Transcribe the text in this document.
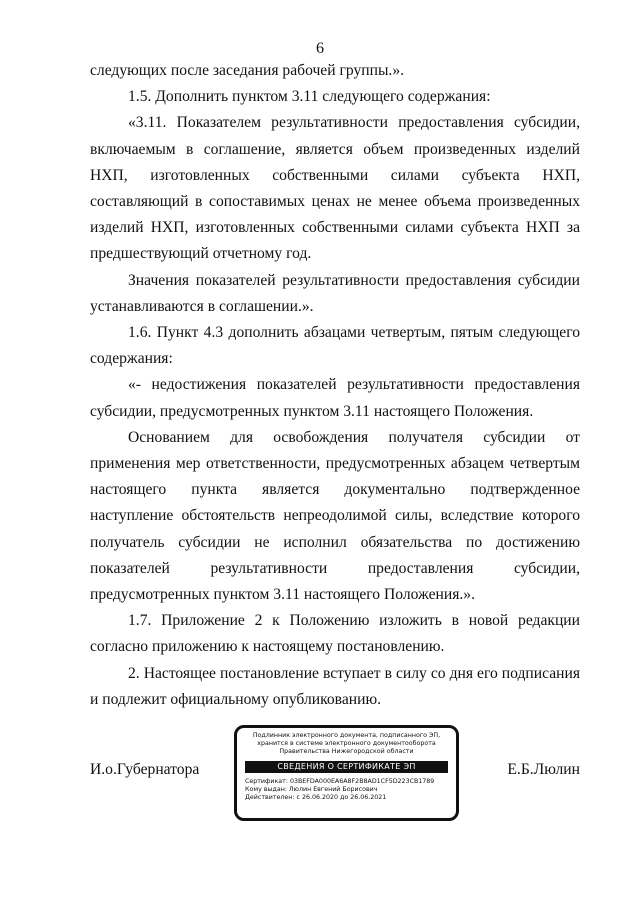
6

следующих после заседания рабочей группы.».

1.5. Дополнить пунктом 3.11 следующего содержания:

«3.11. Показателем результативности предоставления субсидии, включаемым в соглашение, является объем произведенных изделий НХП, изготовленных собственными силами субъекта НХП, составляющий в сопоставимых ценах не менее объема произведенных изделий НХП, изготовленных собственными силами субъекта НХП за предшествующий отчетному год.

Значения показателей результативности предоставления субсидии устанавливаются в соглашении.».

1.6. Пункт 4.3 дополнить абзацами четвертым, пятым следующего содержания:

«- недостижения показателей результативности предоставления субсидии, предусмотренных пунктом 3.11 настоящего Положения.

Основанием для освобождения получателя субсидии от применения мер ответственности, предусмотренных абзацем четвертым настоящего пункта является документально подтвержденное наступление обстоятельств непреодолимой силы, вследствие которого получатель субсидии не исполнил обязательства по достижению показателей результативности предоставления субсидии, предусмотренных пунктом 3.11 настоящего Положения.».

1.7. Приложение 2 к Положению изложить в новой редакции согласно приложению к настоящему постановлению.

2. Настоящее постановление вступает в силу со дня его подписания и подлежит официальному опубликованию.

И.о.Губернатора
Подлинник электронного документа, подписанного ЭП,
хранится в системе электронного документооборота
Правительства Нижегородской области
СВЕДЕНИЯ О СЕРТИФИКАТЕ ЭП
Сертификат: 03BEFDA000EA6A8F2B8AD1CF5D223CB1789
Кому выдан: Люлин Евгений Борисович
Действителен: с 26.06.2020 до 26.06.2021
Е.Б.Люлин
